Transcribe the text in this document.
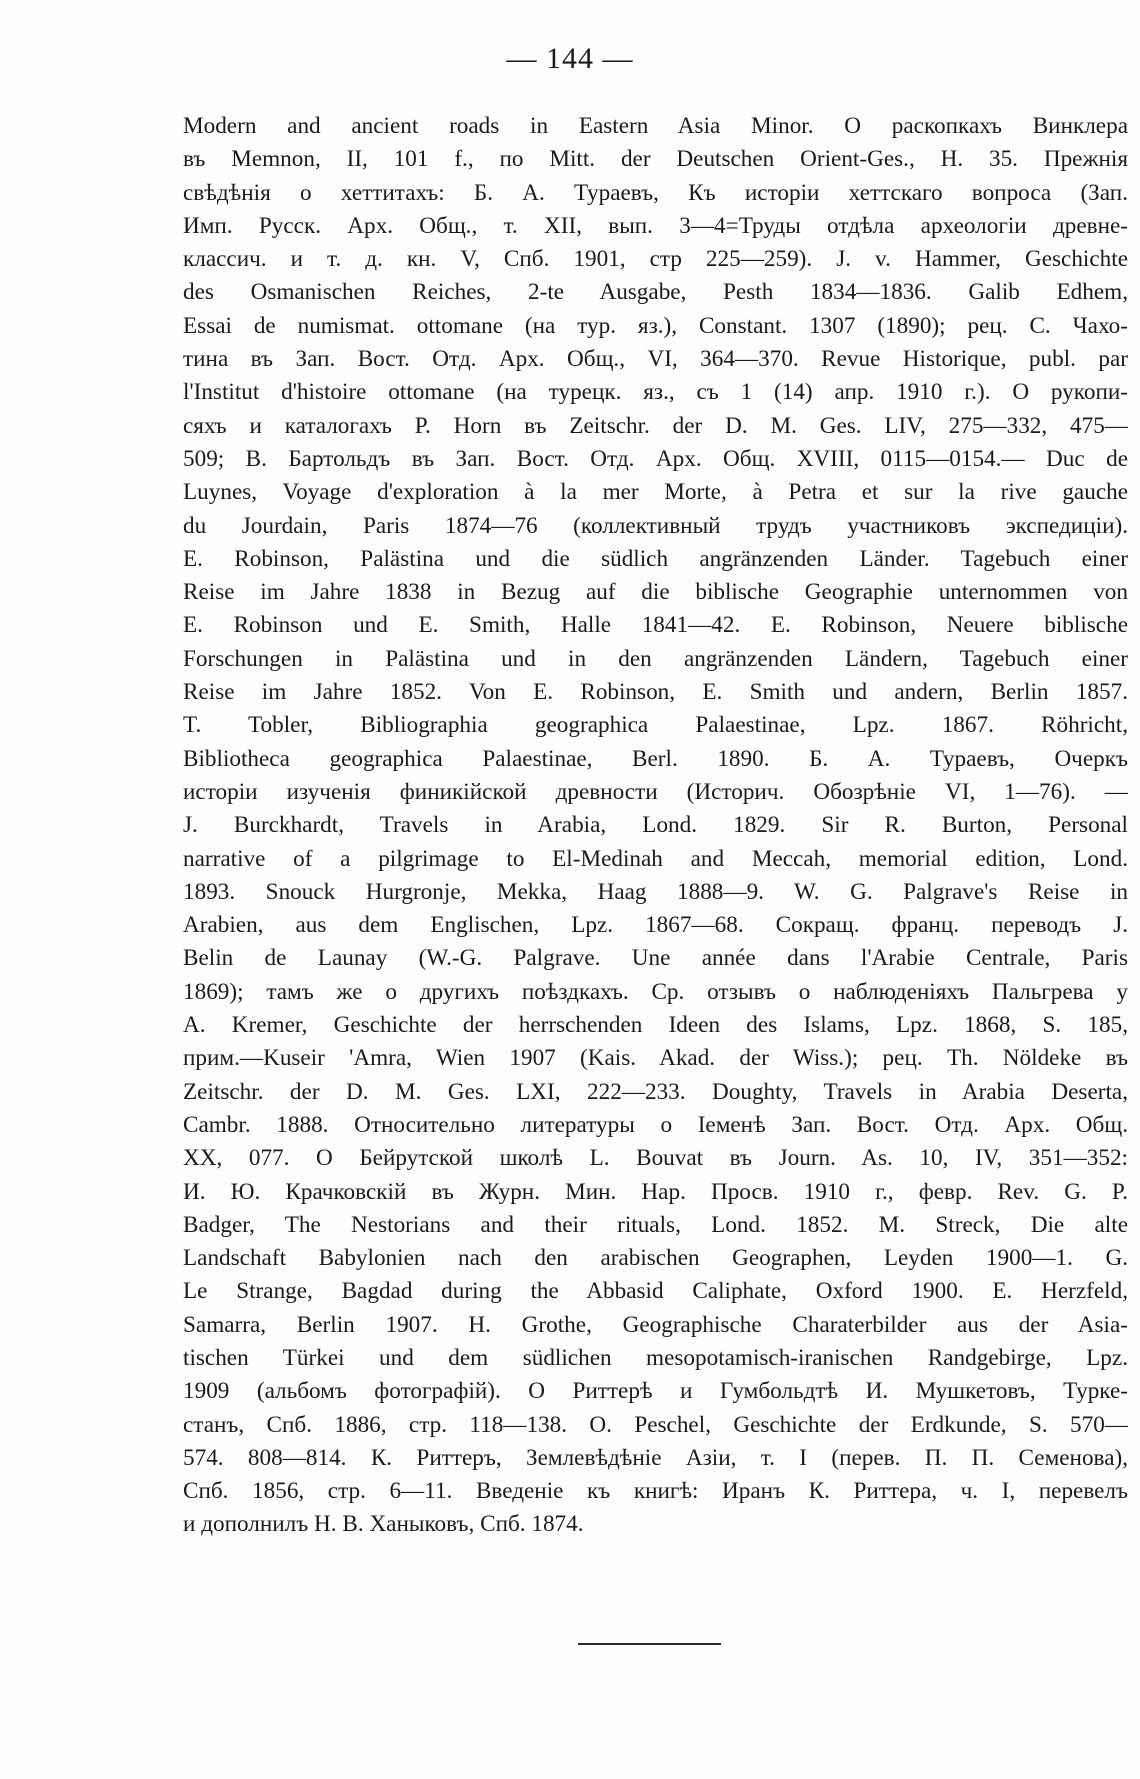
— 144 —
Modern and ancient roads in Eastern Asia Minor. О раскопкахъ Винклера
въ Memnon, II, 101 f., по Mitt. der Deutschen Orient-Ges., H. 35. Прежнія
свѣдѣнія о хеттитахъ: Б. А. Тураевъ, Къ исторіи хеттскаго вопроса (Зап.
Имп. Русск. Арх. Общ., т. XII, вып. 3—4=Труды отдѣла археологіи древне-
классич. и т. д. кн. V, Спб. 1901, стр 225—259). J. v. Hammer, Geschichte
des Osmanischen Reiches, 2-te Ausgabe, Pesth 1834—1836. Galib Edhem,
Essai de numismat. ottomane (на тур. яз.), Constant. 1307 (1890); рец. С. Чахо-
тина въ Зап. Вост. Отд. Арх. Общ., VI, 364—370. Revue Historique, publ. par
l'Institut d'histoire ottomane (на турецк. яз., съ 1 (14) апр. 1910 г.). О рукопи-
сяхъ и каталогахъ P. Horn въ Zeitschr. der D. M. Ges. LIV, 275—332, 475—
509; В. Бартольдъ въ Зап. Вост. Отд. Арх. Общ. XVIII, 0115—0154.— Duc de
Luynes, Voyage d'exploration à la mer Morte, à Petra et sur la rive gauche
du Jourdain, Paris 1874—76 (коллективный трудъ участниковъ экспедиціи).
E. Robinson, Palästina und die südlich angränzenden Länder. Tagebuch einer
Reise im Jahre 1838 in Bezug auf die biblische Geographie unternommen von
E. Robinson und E. Smith, Halle 1841—42. E. Robinson, Neuere biblische
Forschungen in Palästina und in den angränzenden Ländern, Tagebuch einer
Reise im Jahre 1852. Von E. Robinson, E. Smith und andern, Berlin 1857.
T. Tobler, Bibliographia geographica Palaestinae, Lpz. 1867. Röhricht,
Bibliotheca geographica Palaestinae, Berl. 1890. Б. А. Тураевъ, Очеркъ
исторіи изученія финикійской древности (Историч. Обозрѣніе VI, 1—76). —
J. Burckhardt, Travels in Arabia, Lond. 1829. Sir R. Burton, Personal
narrative of a pilgrimage to El-Medinah and Meccah, memorial edition, Lond.
1893. Snouck Hurgronje, Mekka, Haag 1888—9. W. G. Palgrave's Reise in
Arabien, aus dem Englischen, Lpz. 1867—68. Сокращ. франц. переводъ J.
Belin de Launay (W.-G. Palgrave. Une année dans l'Arabie Centrale, Paris
1869); тамъ же о другихъ поѣздкахъ. Ср. отзывъ о наблюденіяхъ Пальгрева у
A. Kremer, Geschichte der herrschenden Ideen des Islams, Lpz. 1868, S. 185,
прим.—Kuseir 'Amra, Wien 1907 (Kais. Akad. der Wiss.); рец. Th. Nöldeke въ
Zeitschr. der D. M. Ges. LXI, 222—233. Doughty, Travels in Arabia Deserta,
Cambr. 1888. Относительно литературы о Іеменѣ Зап. Вост. Отд. Арх. Общ.
XX, 077. О Бейрутской школѣ L. Bouvat въ Journ. As. 10, IV, 351—352:
И. Ю. Крачковскій въ Журн. Мин. Нар. Просв. 1910 г., февр. Rev. G. P.
Badger, The Nestorians and their rituals, Lond. 1852. M. Streck, Die alte
Landschaft Babylonien nach den arabischen Geographen, Leyden 1900—1. G.
Le Strange, Bagdad during the Abbasid Caliphate, Oxford 1900. E. Herzfeld,
Samarra, Berlin 1907. H. Grothe, Geographische Charaterbilder aus der Asia-
tischen Türkei und dem südlichen mesopotamisch-iranischen Randgebirge, Lpz.
1909 (альбомъ фотографій). О Риттерѣ и Гумбольдтѣ И. Мушкетовъ, Турке-
станъ, Спб. 1886, стр. 118—138. O. Peschel, Geschichte der Erdkunde, S. 570—
574. 808—814. К. Риттеръ, Землевѣдѣніе Азіи, т. I (перев. П. П. Семенова),
Спб. 1856, стр. 6—11. Введеніе къ книгѣ: Иранъ К. Риттера, ч. I, перевелъ
и дополнилъ Н. В. Ханыковъ, Спб. 1874.
